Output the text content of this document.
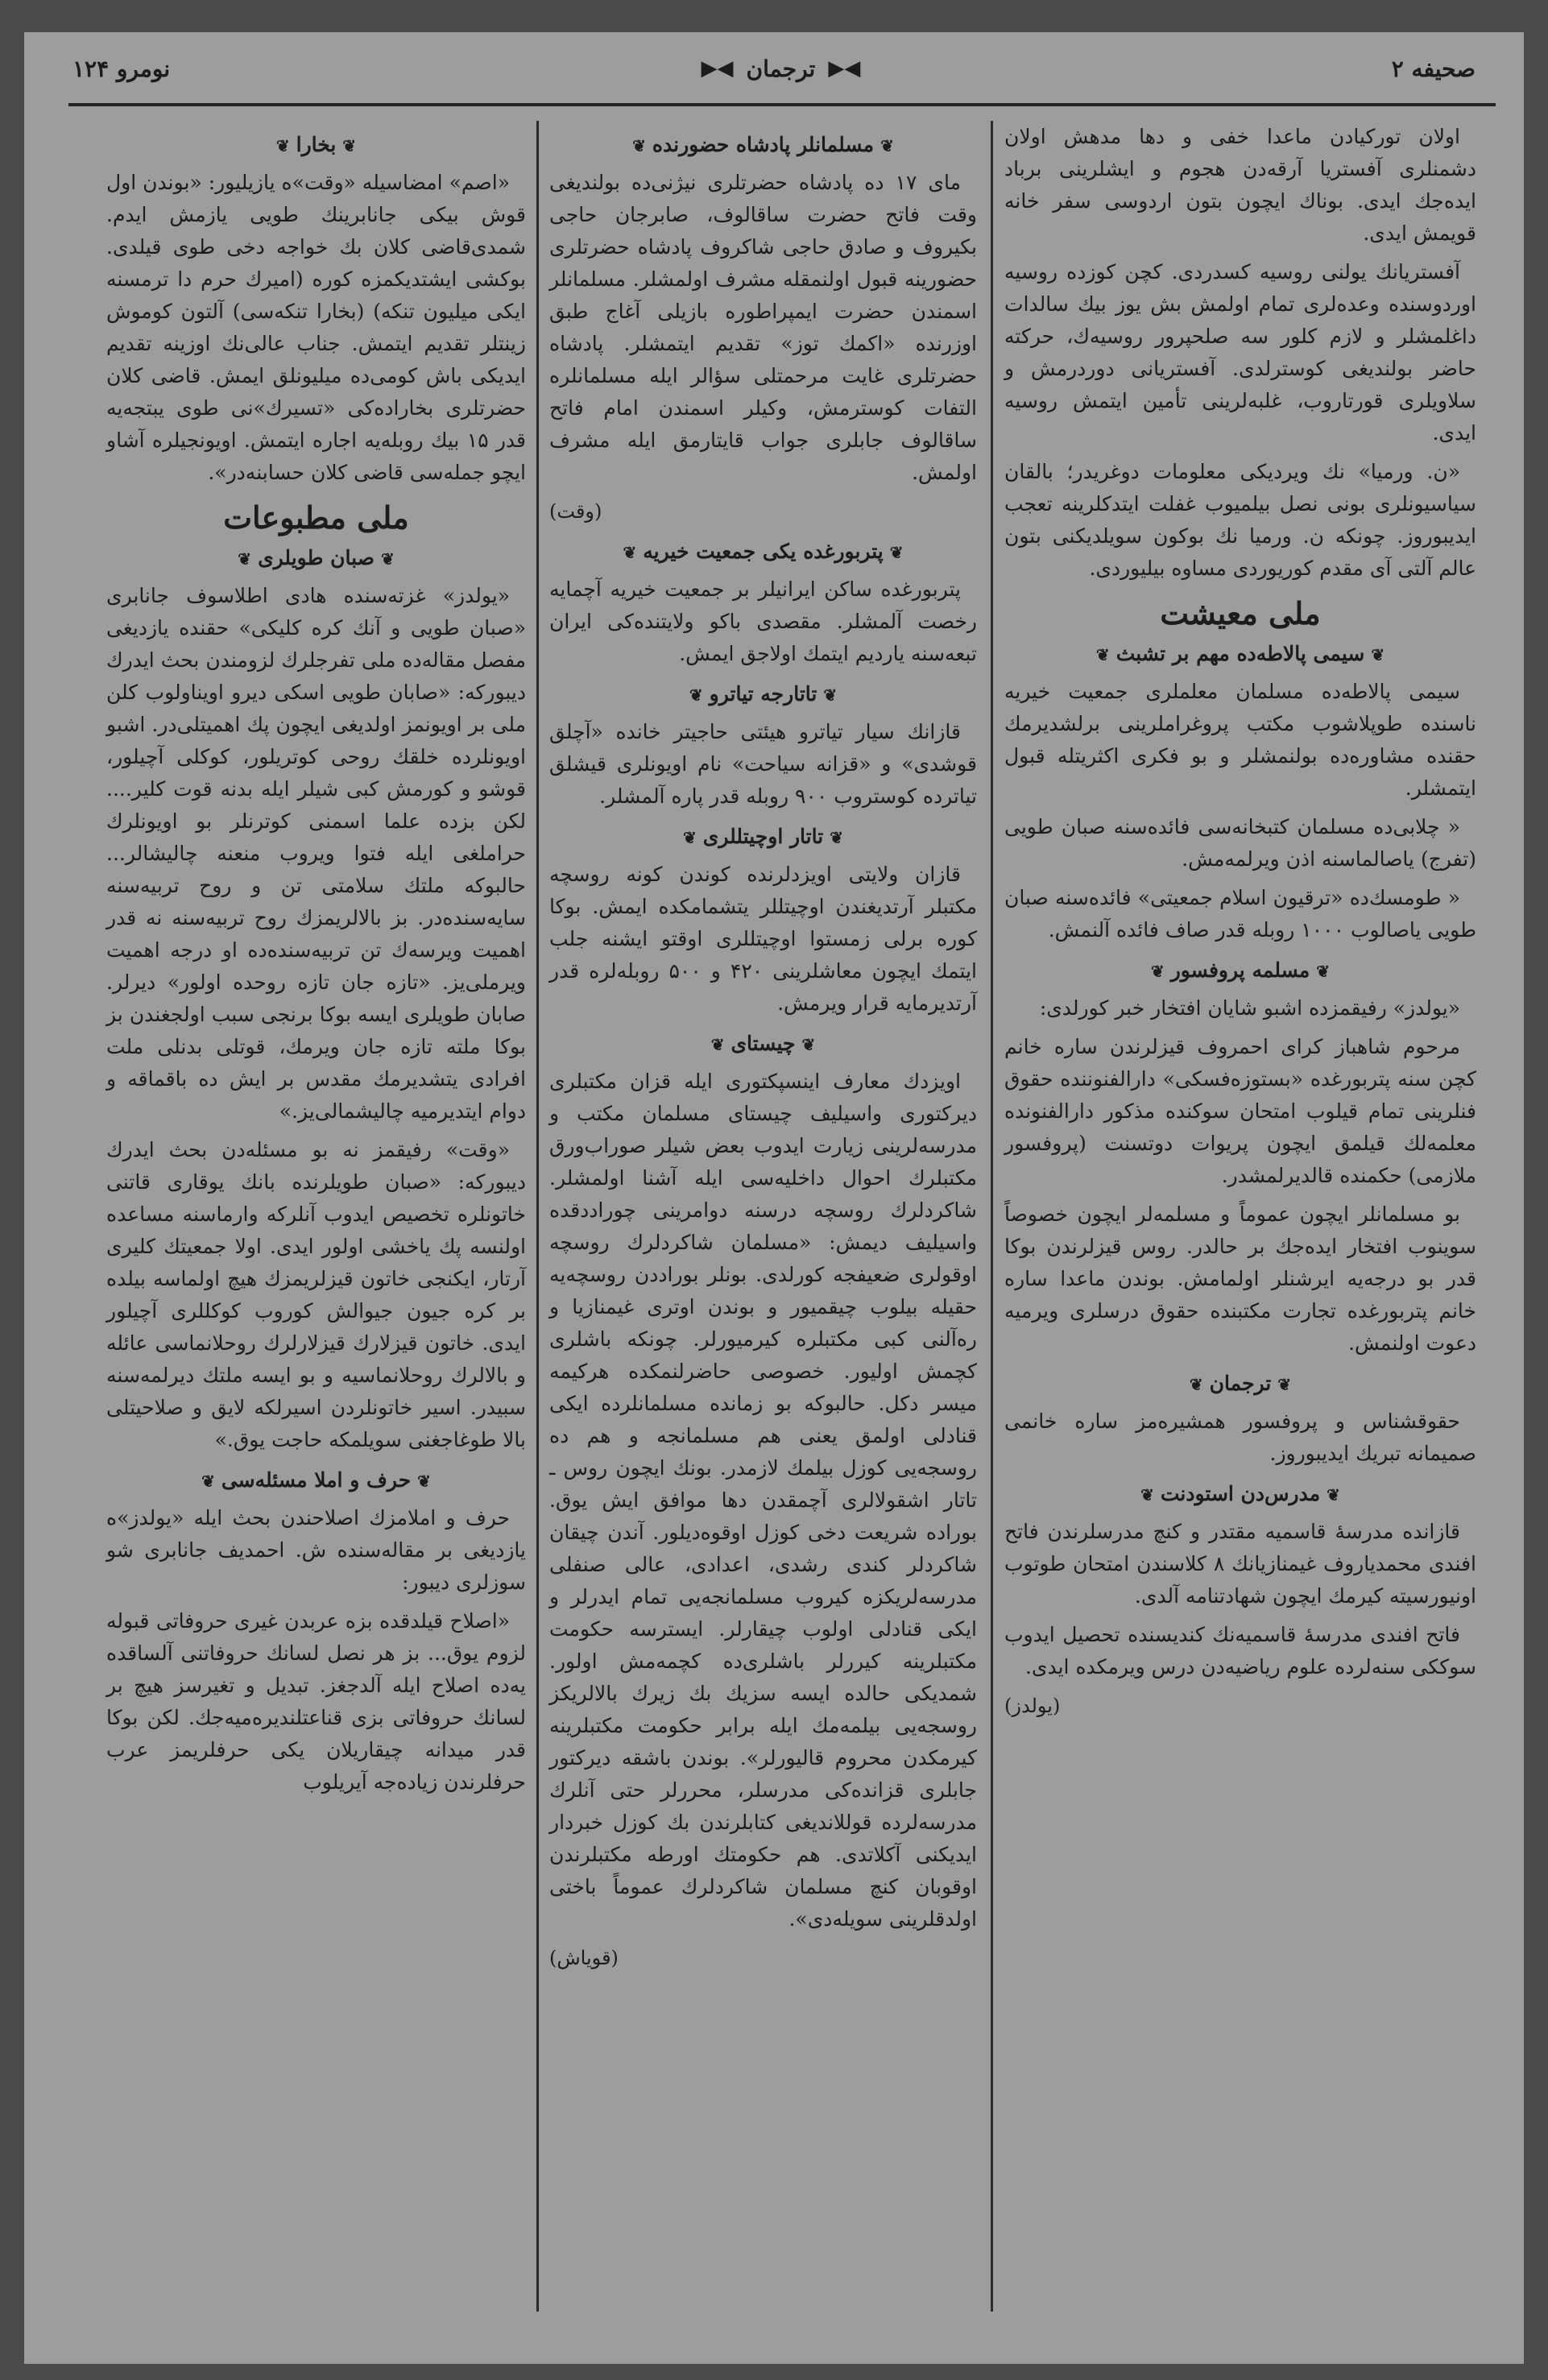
صحیفه ۲
◀▶
ترجمان
◀▶
نومرو ۱۲۴

اولان تورکیادن ماعدا خفی و دها مدهش اولان دشمنلری آفستریا آرقه‌دن هجوم و ایشلرینی برباد ایده‌جك ایدی. بوناك ایچون بتون اردوسی سفر خانه قویمش ایدی.

آفستریانك یولنی روسیه کسدردی. کچن کوزده روسیه اوردوسنده وعده‌لری تمام اولمش بش یوز بیك سالدات داغلمشلر و لازم کلور سه صلحپرور روسیه‌ك، حرکته حاضر بولندیغی کوسترلدی. آفستریانی دوردرمش و سلاویلری قورتاروب، غلبه‌لرینی تأمین ایتمش روسیه ایدی.

«ن. ورمیا» نك ویردیکی معلومات دوغریدر؛ بالقان سیاسیونلری بونی نصل بیلمیوب غفلت ایتدکلرینه تعجب ایدیبوروز. چونکه ن. ورمیا نك بوکون سویلدیکنی بتون عالم آلتی آی مقدم کوریوردی مساوه بیلیوردی.

ملی معیشت
❦سیمی پالاطه‌ده مهم بر تشبث❦

سیمی پالاطه‌ده مسلمان معلملری جمعیت خیریه ناسنده طوپلاشوب مکتب پروغراملرینی برلشدیرمك حقنده مشاوره‌ده بولنمشلر و بو فکری اکثریتله قبول ایتمشلر.

« چلابی‌ده مسلمان کتبخانه‌سی فائده‌سنه صبان طویی (تفرج) یاصالماسنه اذن ویرلمه‌مش.

« طومسك‌ده «ترقیون اسلام جمعیتی» فائده‌سنه صبان طویی یاصالوب ۱۰۰۰ روبله قدر صاف فائده آلنمش.

❦مسلمه پروفسور❦

«یولدز» رفیقمزده اشبو شایان افتخار خبر کورلدی:

مرحوم شاهباز کرای احمروف قیزلرندن ساره خانم کچن سنه پتربورغده «بستوزه‌فسکی» دارالفنوننده حقوق فنلرینی تمام قیلوب امتحان سوکنده مذکور دارالفنونده معلمه‌لك قیلمق ایچون پریوات دوتسنت (پروفسور ملازمی) حکمنده قالدیرلمشدر.

بو مسلمانلر ایچون عموماً و مسلمه‌لر ایچون خصوصاً سوینوب افتخار ایده‌جك بر حالدر. روس قیزلرندن بوکا قدر بو درجه‌یه ایرشنلر اولمامش. بوندن ماعدا ساره خانم پتربورغده تجارت مکتبنده حقوق درسلری ویرمیه دعوت اولنمش.

❦ترجمان❦

حقوقشناس و پروفسور همشیره‌مز ساره خانمی صمیمانه تبریك ایدیبوروز.

❦مدرس‌دن استودنت❦

قازانده مدرسهٔ قاسمیه مقتدر و کنچ مدرسلرندن فاتح افندی محمدیاروف غیمنازیانك ۸ کلاسندن امتحان طوتوب اونیورسیته کیرمك ایچون شهادتنامه آلدی.

فاتح افندی مدرسهٔ قاسمیه‌نك کندیسنده تحصیل ایدوب سوککی سنه‌لرده علوم ریاضیه‌دن درس ویرمکده ایدی.

(یولدز)
❦مسلمانلر پادشاه حضورنده❦

مای ۱۷ ده پادشاه حضرتلری نیژنی‌ده بولندیغی وقت فاتح حضرت ساقالوف، صابرجان حاجی بکیروف و صادق حاجی شاکروف پادشاه حضرتلری حضورینه قبول اولنمقله مشرف اولمشلر. مسلمانلر اسمندن حضرت ایمپراطوره بازیلی آغاج طبق اوزرنده «اکمك توز» تقدیم ایتمشلر. پادشاه حضرتلری غایت مرحمتلی سؤالر ایله مسلمانلره التفات کوسترمش، وکیلر اسمندن امام فاتح ساقالوف جابلری جواب قایتارمق ایله مشرف اولمش.

(وقت)
❦پتربورغده یکی جمعیت خیریه❦

پتربورغده ساکن ایرانیلر بر جمعیت خیریه آچمایه رخصت آلمشلر. مقصدی باکو ولایتنده‌کی ایران تبعه‌سنه یاردیم ایتمك اولاجق ایمش.

❦تاتارجه تیاترو❦

قازانك سیار تیاترو هیئتی حاجیتر خانده «آچلق قوشدی» و «قزانه سیاحت» نام اویونلری قیشلق تیاترده کوستروب ۹۰۰ روبله قدر پاره آلمشلر.

❦تاتار اوچیتللری❦

قازان ولایتی اویزدلرنده کوندن کونه روسچه مکتبلر آرتدیغندن اوچیتللر یتشمامکده ایمش. بوکا کوره برلی زمستوا اوچیتللری اوقتو ایشنه جلب ایتمك ایچون معاشلرینی ۴۲۰ و ۵۰۰ روبله‌لره قدر آرتدیرمایه قرار ویرمش.

❦چیستای❦

اویزدك معارف اینسپکتوری ایله قزان مکتبلری دیرکتوری واسیلیف چیستای مسلمان مکتب و مدرسه‌لرینی زیارت ایدوب بعض شیلر صوراب‌ورق مکتبلرك احوال داخلیه‌سی ایله آشنا اولمشلر. شاکردلرك روسچه درسنه دوامرینی چوراددقده واسیلیف دیمش: «مسلمان شاکردلرك روسچه اوقولری ضعیفجه کورلدی. بونلر بوراددن روسچه‌یه حقیله بیلوب چیقمیور و بوندن اوتری غیمنازیا و ره‌آلنی کبی مکتبلره کیرمیورلر. چونکه باشلری کچمش اولیور. خصوصی حاضرلنمکده هرکیمه میسر دکل. حالبوکه بو زمانده مسلمانلرده ایکی قنادلی اولمق یعنی هم مسلمانجه و هم ده روسجه‌یی کوزل بیلمك لازمدر. بونك ایچون روس ـ تاتار اشقولالری آچمقدن دها موافق ایش یوق. بوراده شریعت دخی کوزل اوقوه‌دیلور. آندن چیقان شاکردلر کندی رشدی، اعدادی، عالی صنفلی مدرسه‌لریکزه کیروب مسلمانجه‌یی تمام ایدرلر و ایکی قنادلی اولوب چیقارلر. ایسترسه حکومت مکتبلرینه کیررلر باشلری‌ده کچمه‌مش اولور. شمدیکی حالده ایسه سزیك بك زیرك بالالریکز روسجه‌یی بیلمه‌مك ایله برابر حکومت مکتبلرینه کیرمکدن محروم قالیورلر». بوندن باشقه دیرکتور جابلری قزانده‌کی مدرسلر، محررلر حتی آنلرك مدرسه‌لرده قوللاندیغی کتابلرندن بك کوزل خبردار ایدیکنی آکلاتدی. هم حکومتك اورطه مکتبلرندن اوقوبان کنچ مسلمان شاکردلرك عموماً باختی اولدقلرینی سویله‌دی».

(قویاش)
❦بخارا❦

«اصم» امضاسیله «وقت»ه یازیلیور: «بوندن اول قوش بیکی جانابرینك طویی یازمش ایدم. شمدی‌قاضی کلان بك خواجه دخی طوی قیلدی. بوکشی ایشتدیکمزه کوره (امیرك حرم دا ترمسنه ایکی میلیون تنکه) (بخارا تنکه‌سی) آلتون کوموش زینتلر تقدیم ایتمش. جناب عالی‌نك اوزینه تقدیم ایدیکی باش کومی‌ده میلیونلق ایمش. قاضی کلان حضرتلری بخاراده‌کی «تسیرك»نی طوی یبتجه‌یه قدر ۱۵ بیك روبله‌یه اجاره ایتمش. اویونجیلره آشاو ایچو جمله‌سی قاضی کلان حسابنه‌در».

ملی مطبوعات
❦صبان طویلری❦

«یولدز» غزته‌سنده هادی اطلاسوف جانابری «صبان طویی و آنك کره کلیکی» حقنده یازدیغی مفصل مقاله‌ده ملی تفرجلرك لزومندن بحث ایدرك دیبورکه: «صابان طویی اسکی دیرو اویناولوب کلن ملی بر اویونمز اولدیغی ایچون پك اهمیتلی‌در. اشبو اویونلرده خلقك روحی کوتریلور، کوکلی آچیلور، قوشو و کورمش کبی شیلر ایله بدنه قوت کلیر.... لکن بزده علما اسمنی کوترنلر بو اویونلرك حراملغی ایله فتوا ویروب منعنه چالیشالر... حالبوکه ملتك سلامتی تن و روح تربیه‌سنه سایه‌سنده‌در. بز بالالریمزك روح تربیه‌سنه نه قدر اهمیت ویرسه‌ك تن تربیه‌سنده‌ده او درجه اهمیت ویرملی‌یز. «تازه جان تازه روحده اولور» دیرلر. صابان طویلری ایسه بوکا برنجی سبب اولجغندن بز بوکا ملته تازه جان ویرمك، قوتلی بدنلی ملت افرادی یتشدیرمك مقدس بر ایش ده باقماقه و دوام ایتدیرمیه چالیشمالی‌یز.»

«وقت» رفیقمز نه بو مسئله‌دن بحث ایدرك دیبورکه: «صبان طویلرنده بانك یوقاری قاتنی خاتونلره تخصیص ایدوب آنلرکه وارماسنه مساعده اولنسه پك یاخشی اولور ایدی. اولا جمعیتك کلیری آرتار، ایکنجی خاتون قیزلریمزك هیچ اولماسه بیلده بر کره جیون جیوالش کوروب کوکللری آچیلور ایدی. خاتون قیزلارك قیزلارلرك روحلانماسی عائله و بالالرك روحلانماسیه و بو ایسه ملتك دیرلمه‌سنه سبیدر. اسیر خاتونلردن اسیرلکه لایق و صلاحیتلی بالا طوغاجغنی سویلمکه حاجت یوق.»

❦حرف و املا مسئله‌سی❦

حرف و املامزك اصلاحندن بحث ایله «یولدز»ه یازدیغی بر مقاله‌سنده ش. احمدیف جانابری شو سوزلری دیبور:

«اصلاح قیلدقده بزه عربدن غیری حروفاتی قبوله لزوم یوق... بز هر نصل لسانك حروفاتنی آلساقده یه‌ده اصلاح ایله آلدجغز. تبدیل و تغیرسز هیچ بر لسانك حروفاتی بزی قناعتلندیره‌میه‌جك. لکن بوکا قدر میدانه چیقاریلان یکی حرفلریمز عرب حرفلرندن زیاده‌جه آیریلوب
